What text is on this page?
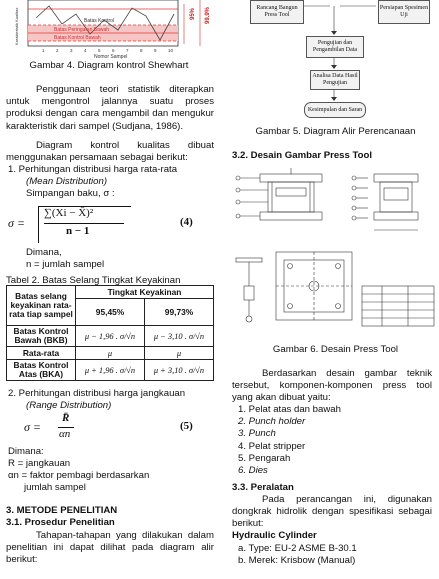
Batas Kontrol
Batas Peringatan Bawah
Batas Kontrol Bawah
Karakteristik Kualitas
1	2	3	4	5	6	7	8	9	10
Nomor Sampel
95% 99.9%
Gambar 4. Diagram kontrol Shewhart
Penggunaan teori statistik diterapkan untuk mengontrol jalannya suatu proses produksi dengan cara mengambil dan mengukur karakteristik dari sampel (Sudjana, 1986).
Diagram kontrol kualitas dibuat menggunakan persamaan sebagai berikut:
1. Perhitungan distribusi harga rata-rata
(Mean Distribution)
Simpangan baku, σ :
σ =
∑(Xi − X̄)²
n − 1
(4)
Dimana,
n = jumlah sampel
Tabel 2. Batas Selang Tingkat Keyakinan
Batas selang keyakinan rata-rata tiap sampel	Tingkat Keyakinan	
	95,45%	99,73%
Batas Kontrol Bawah (BKB)	μ − 1,96 . σ/√n	μ − 3,10 . σ/√n
Rata-rata	μ	μ
Batas Kontrol Atas (BKA)	μ + 1,96 . σ/√n	μ + 3,10 . σ/√n
2. Perhitungan distribusi harga jangkauan
(Range Distribution)
σ =
R̄
αn
(5)
Dimana:
R = jangkauan
αn = faktor pembagi berdasarkan
jumlah sampel
3. METODE PENELITIAN
3.1. Prosedur Penelitian
Tahapan-tahapan yang dilakukan dalam penelitian ini dapat dilihat pada diagram alir berikut:
Rancang Bangun Press Tool
Persiapan Spesimen Uji
Pengujian dan Pengambilan Data
Analisa Data Hasil Pengujian
Kesimpulan dan Saran
Gambar 5. Diagram Alir Perencanaan
3.2. Desain Gambar Press Tool
Gambar 6. Desain Press Tool
Berdasarkan desain gambar teknik tersebut, komponen-komponen press tool yang akan dibuat yaitu:
1. Pelat atas dan bawah
2. Punch holder
3. Punch
4. Pelat stripper
5. Pengarah
6. Dies
3.3. Peralatan
Pada perancangan ini, digunakan dongkrak hidrolik dengan spesifikasi sebagai berikut:
Hydraulic Cylinder
a. Type: EU-2 ASME B-30.1
b. Merek: Krisbow (Manual)
